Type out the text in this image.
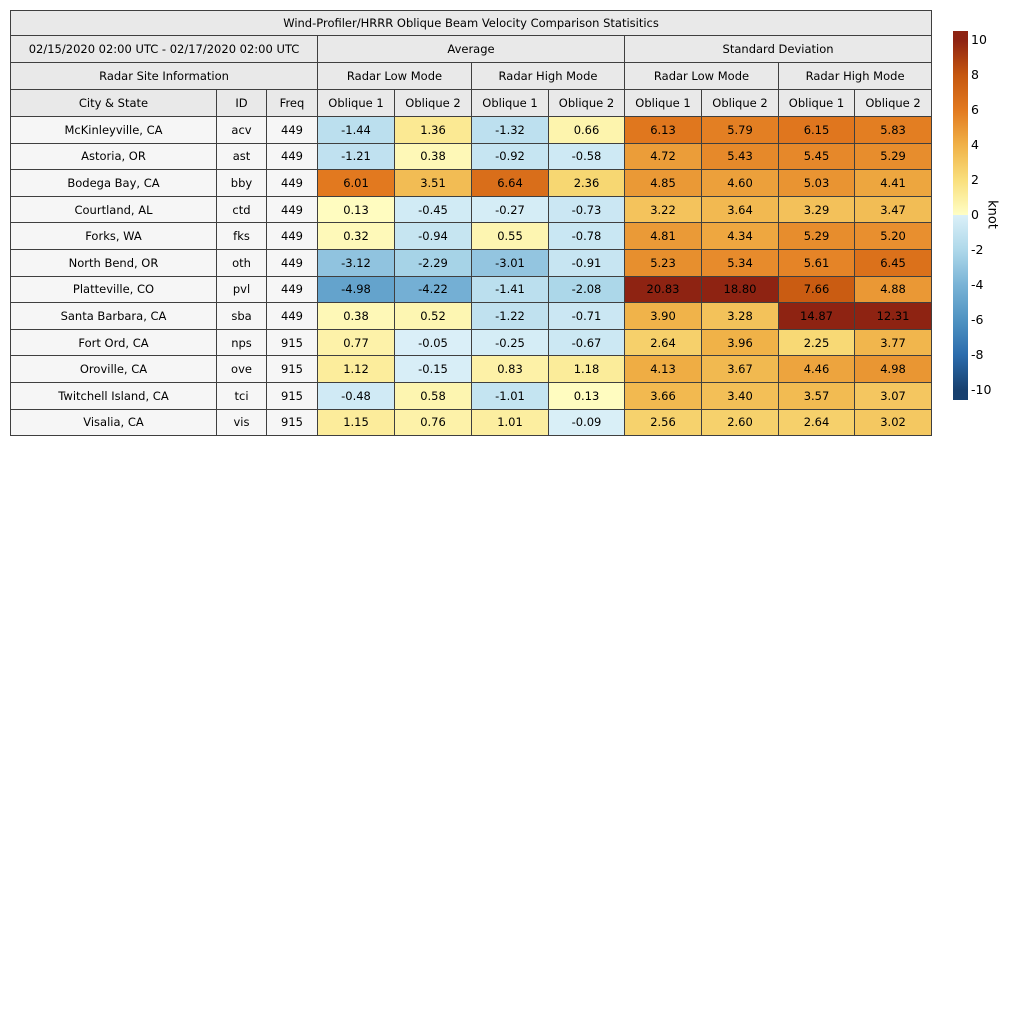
Wind-Profiler/HRRR Oblique Beam Velocity Comparison Statisitics										
02/15/2020 02:00 UTC - 02/17/2020 02:00 UTC			Average				Standard Deviation			
Radar Site Information			Radar Low Mode		Radar High Mode		Radar Low Mode		Radar High Mode	
City & State	ID	Freq	Oblique 1	Oblique 2	Oblique 1	Oblique 2	Oblique 1	Oblique 2	Oblique 1	Oblique 2
McKinleyville, CA	acv	449	-1.44	1.36	-1.32	0.66	6.13	5.79	6.15	5.83
Astoria, OR	ast	449	-1.21	0.38	-0.92	-0.58	4.72	5.43	5.45	5.29
Bodega Bay, CA	bby	449	6.01	3.51	6.64	2.36	4.85	4.60	5.03	4.41
Courtland, AL	ctd	449	0.13	-0.45	-0.27	-0.73	3.22	3.64	3.29	3.47
Forks, WA	fks	449	0.32	-0.94	0.55	-0.78	4.81	4.34	5.29	5.20
North Bend, OR	oth	449	-3.12	-2.29	-3.01	-0.91	5.23	5.34	5.61	6.45
Platteville, CO	pvl	449	-4.98	-4.22	-1.41	-2.08	20.83	18.80	7.66	4.88
Santa Barbara, CA	sba	449	0.38	0.52	-1.22	-0.71	3.90	3.28	14.87	12.31
Fort Ord, CA	nps	915	0.77	-0.05	-0.25	-0.67	2.64	3.96	2.25	3.77
Oroville, CA	ove	915	1.12	-0.15	0.83	1.18	4.13	3.67	4.46	4.98
Twitchell Island, CA	tci	915	-0.48	0.58	-1.01	0.13	3.66	3.40	3.57	3.07
Visalia, CA	vis	915	1.15	0.76	1.01	-0.09	2.56	2.60	2.64	3.02
10
8
6
4
2
0
-2
-4
-6
-8
-10
knot
